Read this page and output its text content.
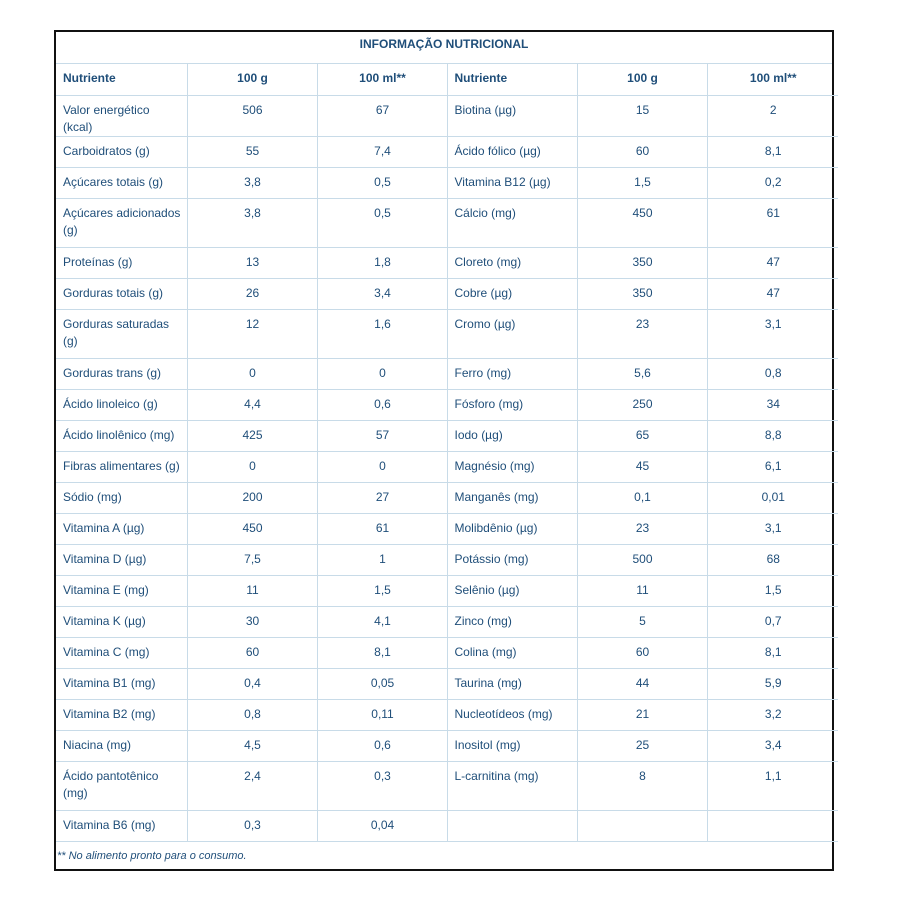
INFORMAÇÃO NUTRICIONAL
Nutriente	100 g	100 ml**	Nutriente	100 g	100 ml**
Valor energético (kcal)	506	67	Biotina (µg)	15	2
Carboidratos (g)	55	7,4	Ácido fólico (µg)	60	8,1
Açúcares totais (g)	3,8	0,5	Vitamina B12 (µg)	1,5	0,2
Açúcares adicionados (g)	3,8	0,5	Cálcio (mg)	450	61
Proteínas (g)	13	1,8	Cloreto (mg)	350	47
Gorduras totais (g)	26	3,4	Cobre (µg)	350	47
Gorduras saturadas (g)	12	1,6	Cromo (µg)	23	3,1
Gorduras trans (g)	0	0	Ferro (mg)	5,6	0,8
Ácido linoleico (g)	4,4	0,6	Fósforo (mg)	250	34
Ácido linolênico (mg)	425	57	Iodo (µg)	65	8,8
Fibras alimentares (g)	0	0	Magnésio (mg)	45	6,1
Sódio (mg)	200	27	Manganês (mg)	0,1	0,01
Vitamina A (µg)	450	61	Molibdênio (µg)	23	3,1
Vitamina D (µg)	7,5	1	Potássio (mg)	500	68
Vitamina E (mg)	11	1,5	Selênio (µg)	11	1,5
Vitamina K (µg)	30	4,1	Zinco (mg)	5	0,7
Vitamina C (mg)	60	8,1	Colina (mg)	60	8,1
Vitamina B1 (mg)	0,4	0,05	Taurina (mg)	44	5,9
Vitamina B2 (mg)	0,8	0,11	Nucleotídeos (mg)	21	3,2
Niacina (mg)	4,5	0,6	Inositol (mg)	25	3,4
Ácido pantotênico (mg)	2,4	0,3	L-carnitina (mg)	8	1,1
Vitamina B6 (mg)	0,3	0,04			
** No alimento pronto para o consumo.
